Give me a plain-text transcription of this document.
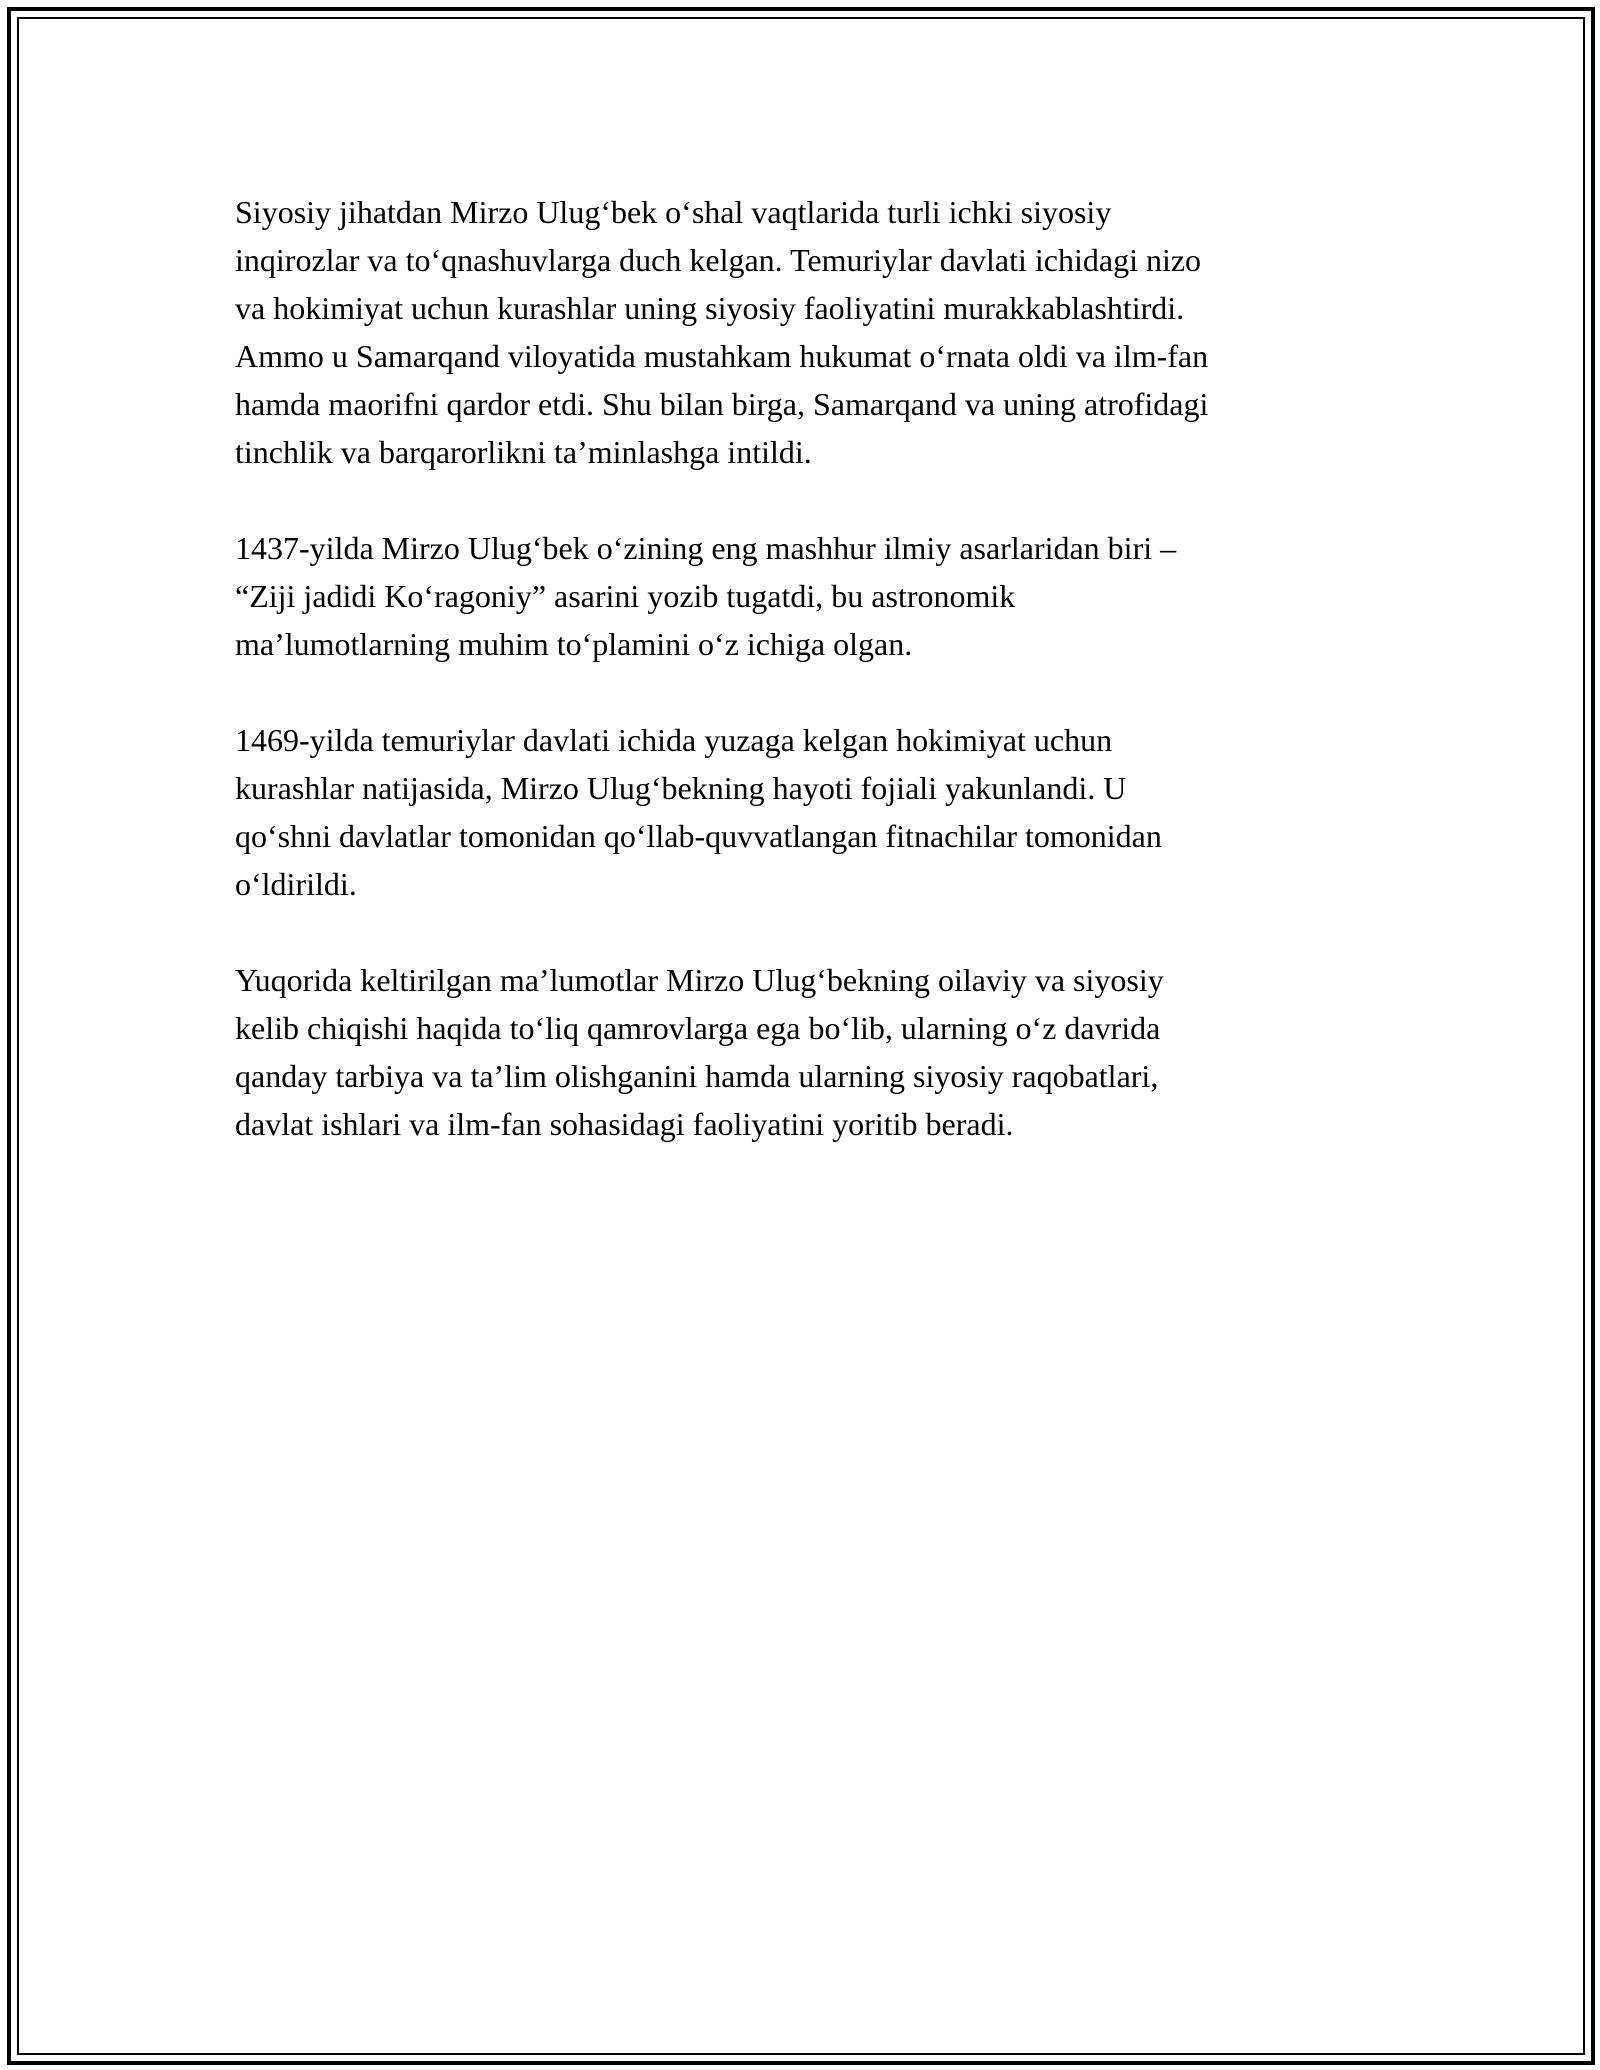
Siyosiy jihatdan Mirzo Ulug‘bek o‘shal vaqtlarida turli ichki siyosiy
inqirozlar va to‘qnashuvlarga duch kelgan. Temuriylar davlati ichidagi nizo
va hokimiyat uchun kurashlar uning siyosiy faoliyatini murakkablashtirdi.
Ammo u Samarqand viloyatida mustahkam hukumat o‘rnata oldi va ilm-fan
hamda maorifni qardor etdi. Shu bilan birga, Samarqand va uning atrofidagi
tinchlik va barqarorlikni ta’minlashga intildi.

1437-yilda Mirzo Ulug‘bek o‘zining eng mashhur ilmiy asarlaridan biri –
“Ziji jadidi Ko‘ragoniy” asarini yozib tugatdi, bu astronomik
ma’lumotlarning muhim to‘plamini o‘z ichiga olgan.

1469-yilda temuriylar davlati ichida yuzaga kelgan hokimiyat uchun
kurashlar natijasida, Mirzo Ulug‘bekning hayoti fojiali yakunlandi. U
qo‘shni davlatlar tomonidan qo‘llab-quvvatlangan fitnachilar tomonidan
o‘ldirildi.

Yuqorida keltirilgan ma’lumotlar Mirzo Ulug‘bekning oilaviy va siyosiy
kelib chiqishi haqida to‘liq qamrovlarga ega bo‘lib, ularning o‘z davrida
qanday tarbiya va ta’lim olishganini hamda ularning siyosiy raqobatlari,
davlat ishlari va ilm-fan sohasidagi faoliyatini yoritib beradi.
